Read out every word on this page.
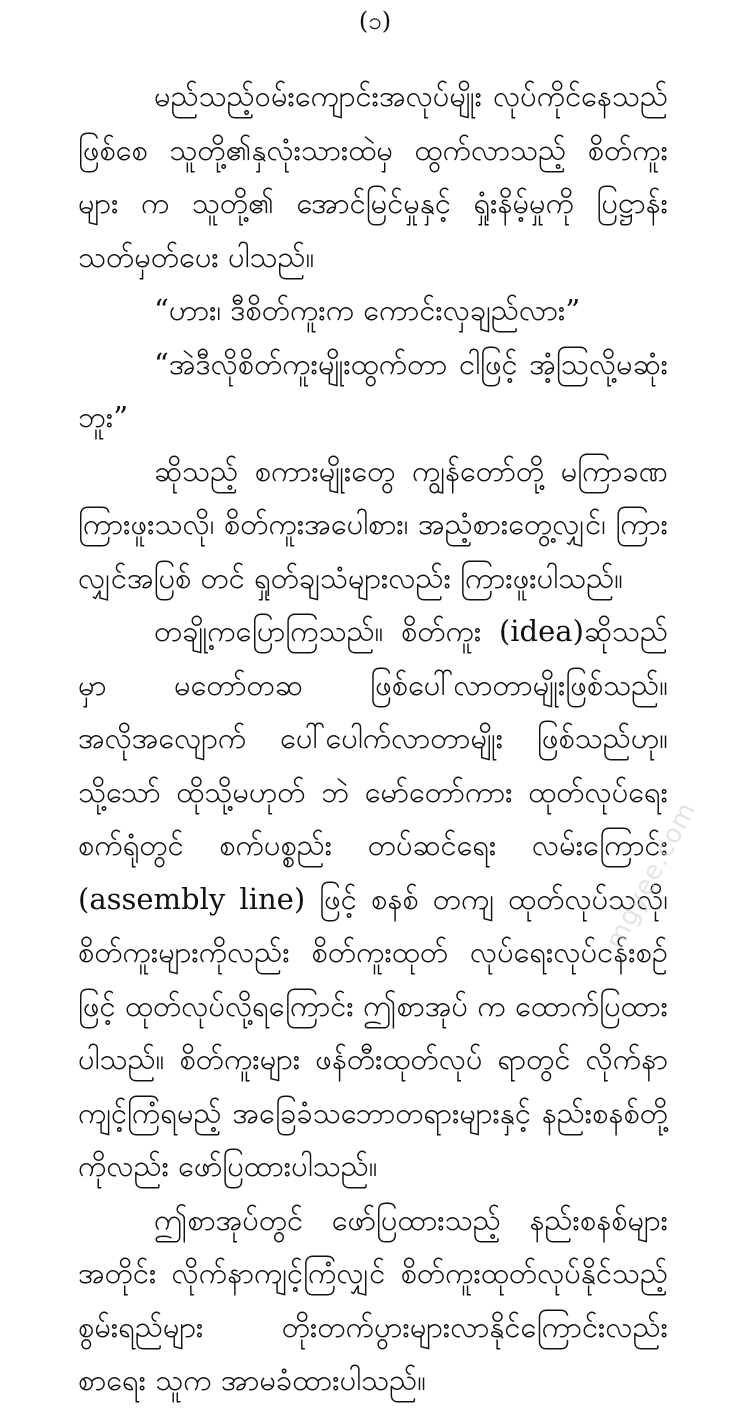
(၁)

မည်သည့်ဝမ်းကျောင်းအလုပ်မျိုး လုပ်ကိုင်နေသည် ဖြစ်စေ သူတို့၏နှလုံးသားထဲမှ ထွက်လာသည့် စိတ်ကူးများ က သူတို့၏ အောင်မြင်မှုနှင့် ရှုံးနိမ့်မှုကို ပြဋ္ဌာန်းသတ်မှတ်ပေး ပါသည်။

“ဟား၊ ဒီစိတ်ကူးက ကောင်းလှချည်လား”

“အဲဒီလိုစိတ်ကူးမျိုးထွက်တာ ငါဖြင့် အံ့သြလို့မဆုံး ဘူး”

ဆိုသည့် စကားမျိုးတွေ ကျွန်တော်တို့ မကြာခဏ ကြားဖူးသလို၊ စိတ်ကူးအပေါစား၊ အညံ့စားတွေ့လျှင်၊ ကြားလျှင်အပြစ် တင် ရှုတ်ချသံများလည်း ကြားဖူးပါသည်။

တချို့ကပြောကြသည်။ စိတ်ကူး (idea)ဆိုသည်မှာ မတော်တဆ ဖြစ်ပေါ်လာတာမျိုးဖြစ်သည်။ အလိုအလျောက် ပေါ်ပေါက်လာတာမျိုး ဖြစ်သည်ဟု။ သို့သော် ထိုသို့မဟုတ် ဘဲ မော်တော်ကား ထုတ်လုပ်ရေး စက်ရုံတွင် စက်ပစ္စည်း တပ်ဆင်ရေး လမ်းကြောင်း (assembly line) ဖြင့် စနစ် တကျ ထုတ်လုပ်သလို၊ စိတ်ကူးများကိုလည်း စိတ်ကူးထုတ် လုပ်ရေးလုပ်ငန်းစဉ်ဖြင့် ထုတ်လုပ်လို့ရကြောင်း ဤစာအုပ် က ထောက်ပြထားပါသည်။ စိတ်ကူးများ ဖန်တီးထုတ်လုပ် ရာတွင် လိုက်နာကျင့်ကြံရမည့် အခြေခံသဘောတရားများနှင့် နည်းစနစ်တို့ကိုလည်း ဖော်ပြထားပါသည်။

ဤစာအုပ်တွင် ဖော်ပြထားသည့် နည်းစနစ်များ အတိုင်း လိုက်နာကျင့်ကြံလျှင် စိတ်ကူးထုတ်လုပ်နိုင်သည့် စွမ်းရည်များ တိုးတက်ပွားများလာနိုင်ကြောင်းလည်း စာရေး သူက အာမခံထားပါသည်။

mgyee.com
